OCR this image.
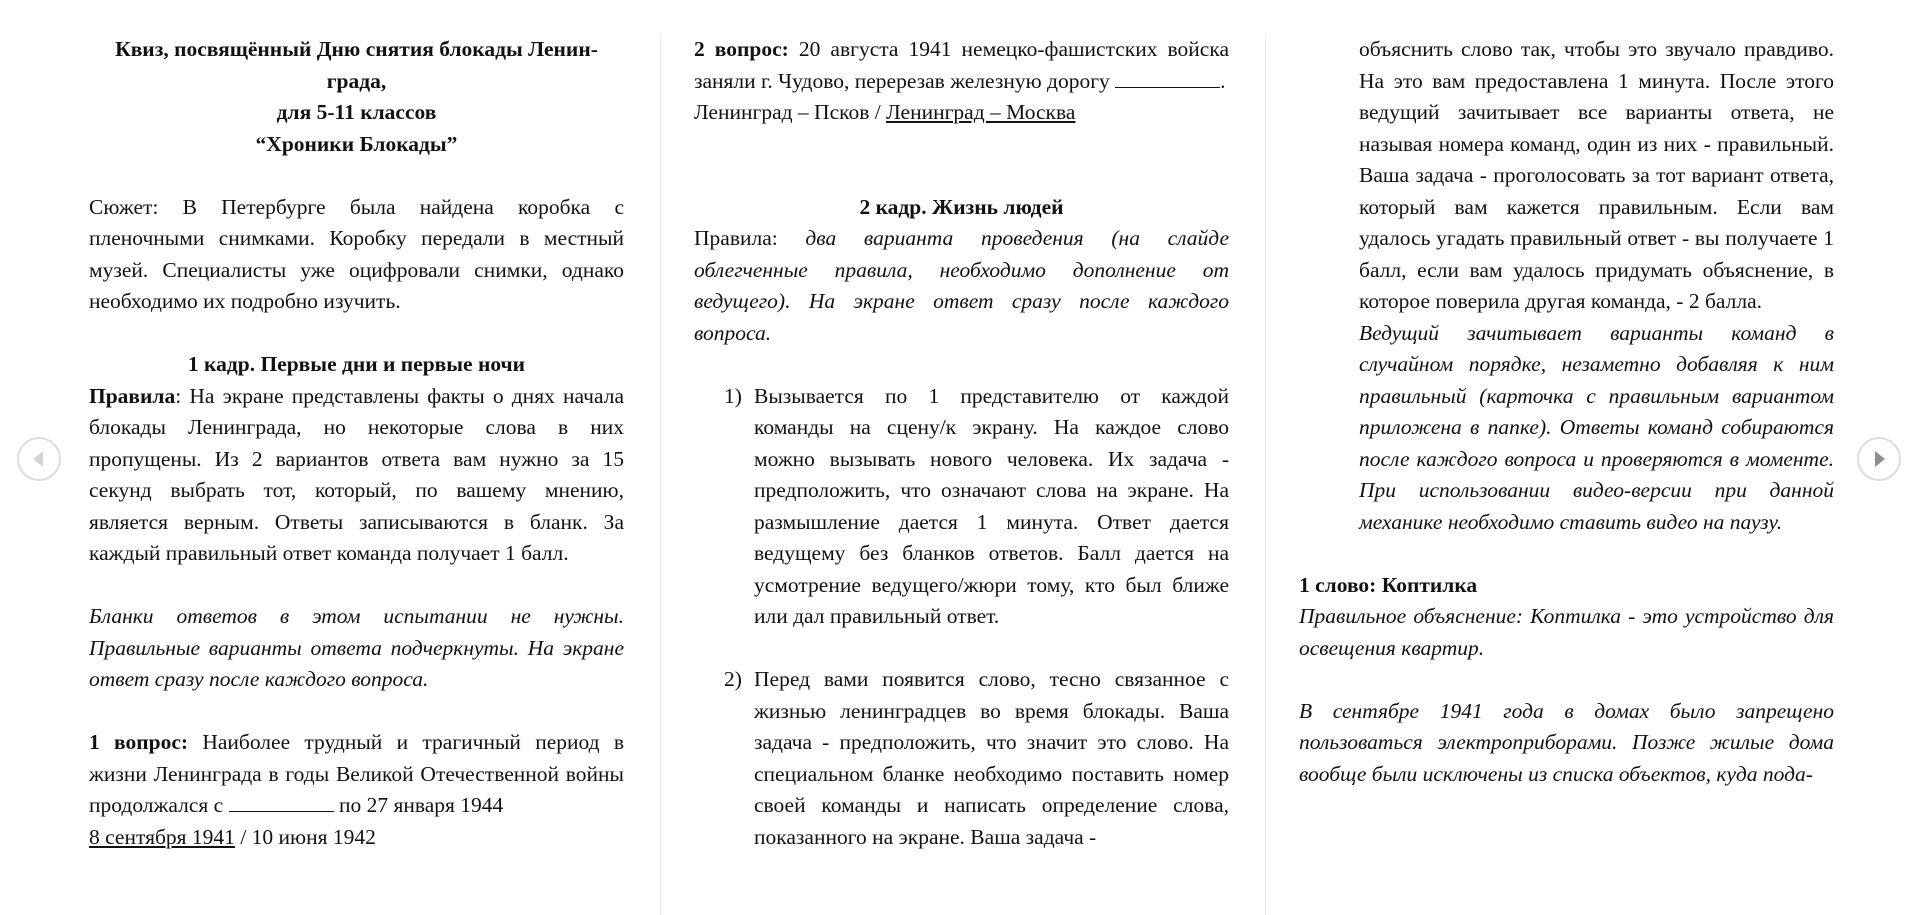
Квиз, посвящённый Дню снятия блокады Ленин-

града,

для 5-11 классов

“Хроники Блокады”

Сюжет: В Петербурге была найдена коробка с пленочными снимками. Коробку передали в местный музей. Специалисты уже оцифровали снимки, однако необходимо их подробно изучить.

1 кадр. Первые дни и первые ночи

Правила: На экране представлены факты о днях начала блокады Ленинграда, но некоторые слова в них пропущены. Из 2 вариантов ответа вам нужно за 15 секунд выбрать тот, который, по вашему мнению, является верным. Ответы записываются в бланк. За каждый правильный ответ команда получает 1 балл.

Бланки ответов в этом испытании не нужны. Правильные варианты ответа подчеркнуты. На экране ответ сразу после каждого вопроса.

1 вопрос: Наиболее трудный и трагичный период в жизни Ленинграда в годы Великой Отечественной войны продолжался с	по 27 января 1944

8 сентября 1941 / 10 июня 1942

2 вопрос: 20 августа 1941 немецко-фашистских войска заняли г. Чудово, перерезав железную дорогу	.

Ленинград – Псков / Ленинград – Москва

2 кадр. Жизнь людей

Правила: два варианта проведения (на слайде облегченные правила, необходимо дополнение от ведущего). На экране ответ сразу после каждого вопроса.

1) Вызывается по 1 представителю от каждой команды на сцену/к экрану. На каждое слово можно вызывать нового человека. Их задача - предположить, что означают слова на экране. На размышление дается 1 минута. Ответ дается ведущему без бланков ответов. Балл дается на усмотрение ведущего/жюри тому, кто был ближе или дал правильный ответ.

2) Перед вами появится слово, тесно связанное с жизнью ленинградцев во время блокады. Ваша задача - предположить, что значит это слово. На специальном бланке необходимо поставить номер своей команды и написать определение слова, показанного на экране. Ваша задача -

объяснить слово так, чтобы это звучало правдиво. На это вам предоставлена 1 минута. После этого ведущий зачитывает все варианты ответа, не называя номера команд, один из них - правильный. Ваша задача - проголосовать за тот вариант ответа, который вам кажется правильным. Если вам удалось угадать правильный ответ - вы получаете 1 балл, если вам удалось придумать объяснение, в которое поверила другая команда, - 2 балла.

Ведущий зачитывает варианты команд в случайном порядке, незаметно добавляя к ним правильный (карточка с правильным вариантом приложена в папке). Ответы команд собираются после каждого вопроса и проверяются в моменте. При использовании видео-версии при данной механике необходимо ставить видео на паузу.

1 слово: Коптилка

Правильное объяснение: Коптилка - это устройство для освещения квартир.

В сентябре 1941 года в домах было запрещено пользоваться электроприборами. Позже жилые дома вообще были исключены из списка объектов, куда пода-
